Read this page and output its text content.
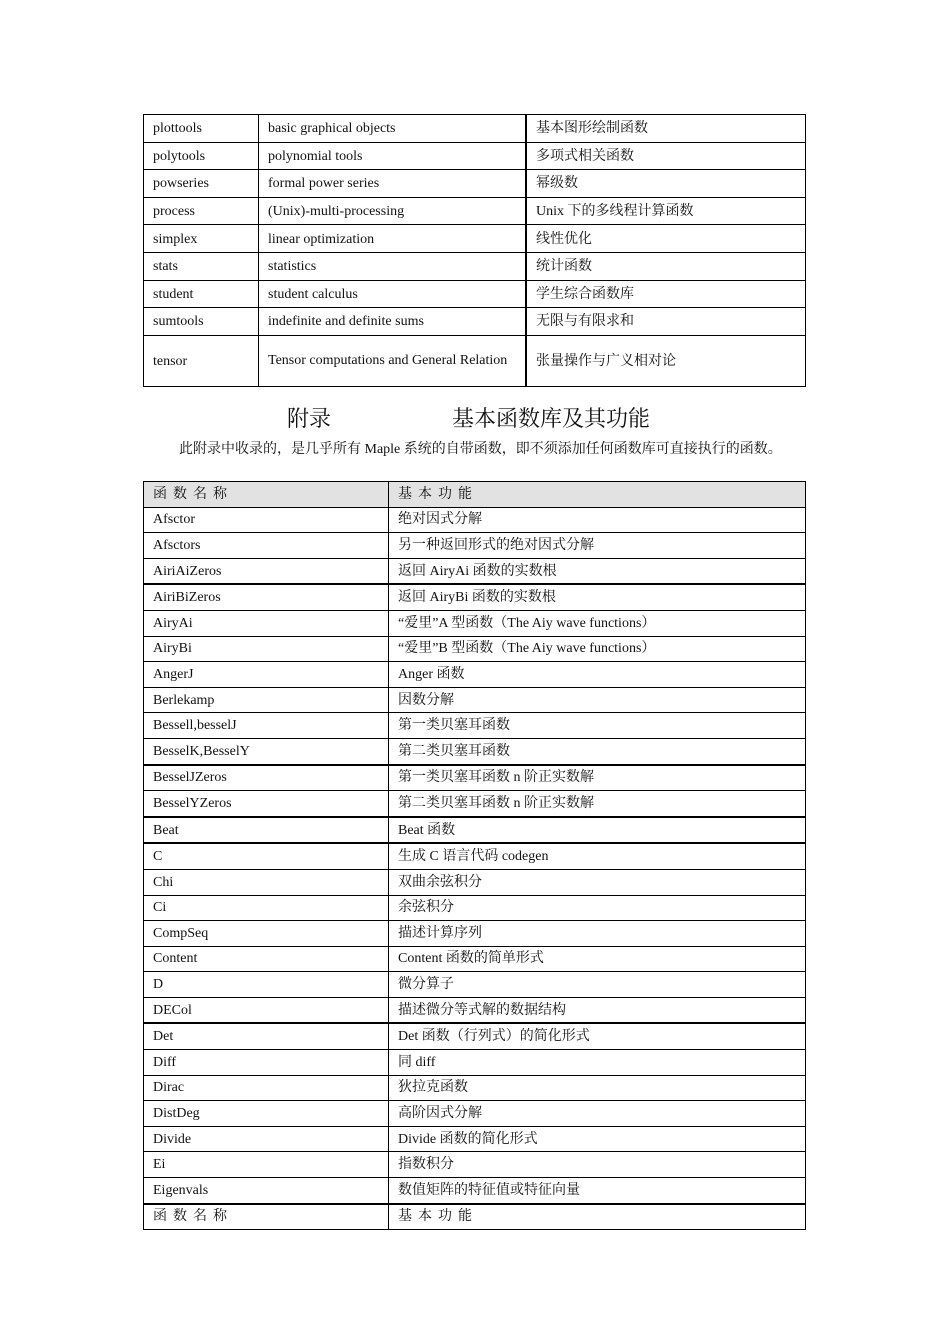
plottools	basic graphical objects	基本图形绘制函数
polytools	polynomial tools	多项式相关函数
powseries	formal power series	幂级数
process	(Unix)-multi-processing	Unix 下的多线程计算函数
simplex	linear optimization	线性优化
stats	statistics	统计函数
student	student calculus	学生综合函数库
sumtools	indefinite and definite sums	无限与有限求和
tensor	Tensor computations and General Relation	张量操作与广义相对论
附录	基本函数库及其功能

此附录中收录的，是几乎所有 Maple 系统的自带函数，即不须添加任何函数库可直接执行的函数。

函数名称	基本功能
Afsctor	绝对因式分解
Afsctors	另一种返回形式的绝对因式分解
AiriAiZeros	返回 AiryAi 函数的实数根
AiriBiZeros	返回 AiryBi 函数的实数根
AiryAi	“爱里”A 型函数（The Aiy wave functions）
AiryBi	“爱里”B 型函数（The Aiy wave functions）
AngerJ	Anger 函数
Berlekamp	因数分解
Bessell,besselJ	第一类贝塞耳函数
BesselK,BesselY	第二类贝塞耳函数
BesselJZeros	第一类贝塞耳函数 n 阶正实数解
BesselYZeros	第二类贝塞耳函数 n 阶正实数解
Beat	Beat 函数
C	生成 C 语言代码 codegen
Chi	双曲余弦积分
Ci	余弦积分
CompSeq	描述计算序列
Content	Content 函数的简单形式
D	微分算子
DECol	描述微分等式解的数据结构
Det	Det 函数（行列式）的简化形式
Diff	同 diff
Dirac	狄拉克函数
DistDeg	高阶因式分解
Divide	Divide 函数的简化形式
Ei	指数积分
Eigenvals	数值矩阵的特征值或特征向量
函数名称	基本功能
